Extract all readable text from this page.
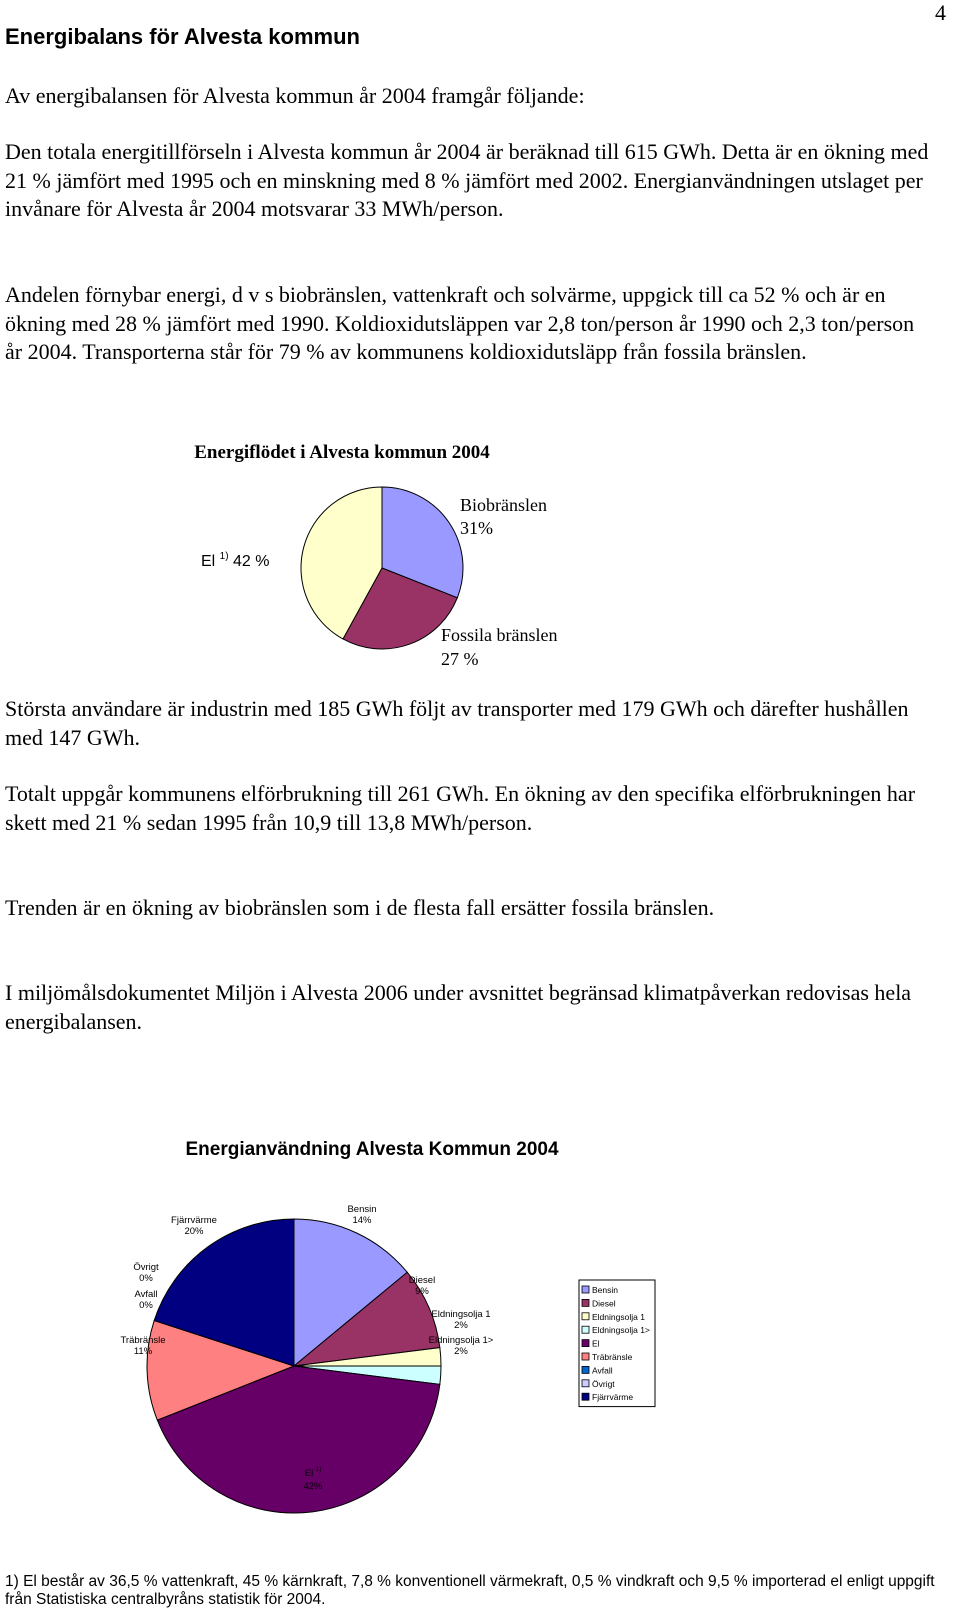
4
Energibalans för Alvesta kommun

Av energibalansen för Alvesta kommun år 2004 framgår följande:

Den totala energitillförseln i Alvesta kommun år 2004 är beräknad till 615 GWh. Detta är en ökning med 21 % jämfört med 1995 och en minskning med 8 % jämfört med 2002. Energianvändningen utslaget per invånare för Alvesta år 2004 motsvarar 33 MWh/person.

Andelen förnybar energi, d v s biobränslen, vattenkraft och solvärme, uppgick till ca 52 % och är en ökning med 28 % jämfört med 1990. Koldioxidutsläppen var 2,8 ton/person år 1990 och 2,3 ton/person år 2004. Transporterna står för 79 % av kommunens koldioxidutsläpp från fossila bränslen.

Energiflödet i Alvesta kommun 2004
Biobränslen 31%
Fossila bränslen 27 %
El $^{1)}$ 42 %

Största användare är industrin med 185 GWh följt av transporter med 179 GWh och därefter hushållen med 147 GWh.

Totalt uppgår kommunens elförbrukning till 261 GWh. En ökning av den specifika elförbrukningen har skett med 21 % sedan 1995 från 10,9 till 13,8 MWh/person.

Trenden är en ökning av biobränslen som i de flesta fall ersätter fossila bränslen.

I miljömålsdokumentet Miljön i Alvesta 2006 under avsnittet begränsad klimatpåverkan redovisas hela energibalansen.

Energianvändning Alvesta Kommun 2004
Bensin 14%
Fjärrvärme 20%
Diesel 9%
Eldningsolja 1 2%
Eldningsolja 1> 2%
Övrigt 0%
Avfall 0%
Träbränsle 11%
El $^{1)}$
42%
Bensin
Diesel
Eldningsolja 1
Eldningsolja 1>
El
Träbränsle
Avfall
Övrigt
Fjärrvärme

1) El består av 36,5 % vattenkraft, 45 % kärnkraft, 7,8 % konventionell värmekraft, 0,5 % vindkraft och 9,5 % importerad el enligt uppgift från Statistiska centralbyråns statistik för 2004.
